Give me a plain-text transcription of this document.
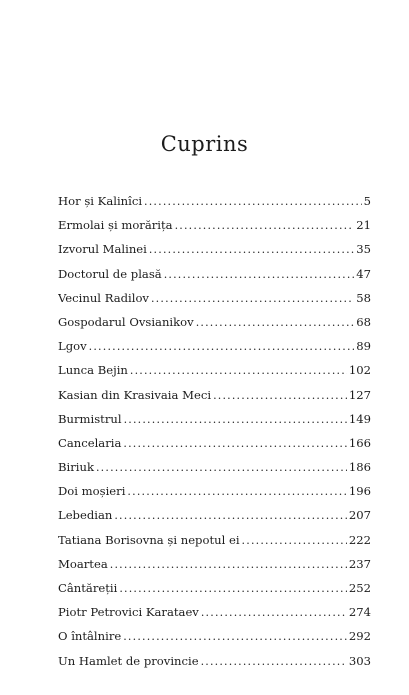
Cuprins
Hor și Kalinîci .....	5
Ermolai și morărița .....	21
Izvorul Malinei .....	35
Doctorul de plasă .....	47
Vecinul Radilov .....	58
Gospodarul Ovsianikov .....	68
Lgov .....	89
Lunca Bejin .....	102
Kasian din Krasivaia Meci .....	127
Burmistrul .....	149
Cancelaria .....	166
Biriuk .....	186
Doi moșieri .....	196
Lebedian .....	207
Tatiana Borisovna și nepotul ei .....	222
Moartea .....	237
Cântăreții .....	252
Piotr Petrovici Karataev .....	274
O întâlnire .....	292
Un Hamlet de provincie .....	303
